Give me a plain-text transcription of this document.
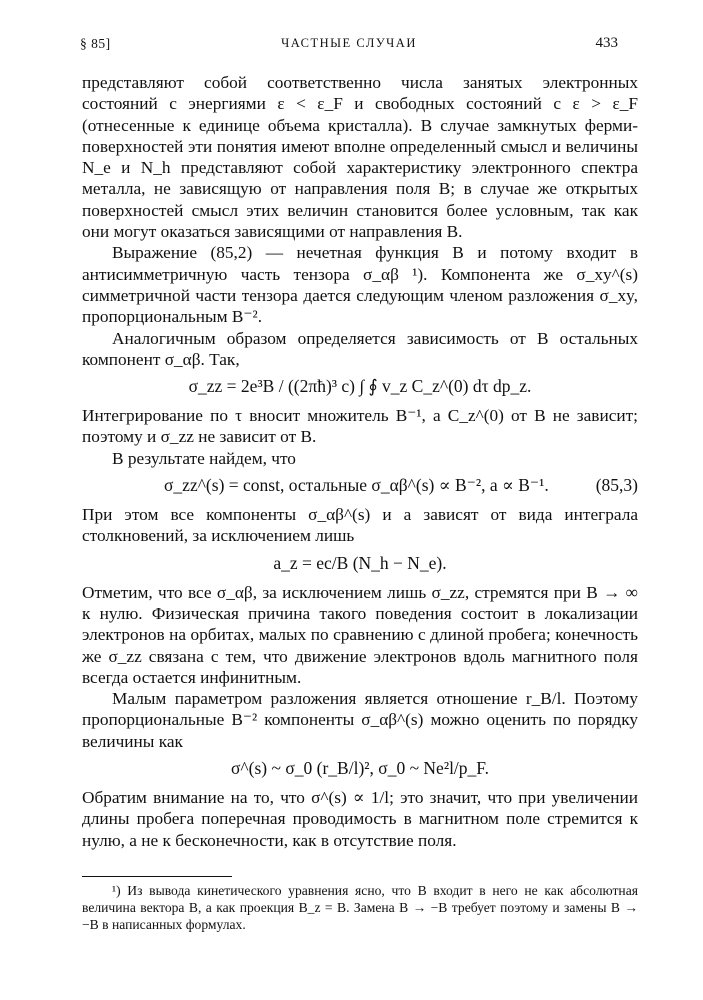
§ 85]	ЧАСТНЫЕ СЛУЧАИ	433

представляют собой соответственно числа занятых электронных состояний с энергиями ε < ε_F и свободных состояний с ε > ε_F (отнесенные к единице объема кристалла). В случае замкнутых ферми-поверхностей эти понятия имеют вполне определенный смысл и величины N_e и N_h представляют собой характеристику электронного спектра металла, не зависящую от направления поля B; в случае же открытых поверхностей смысл этих величин становится более условным, так как они могут оказаться зависящими от направления B.

Выражение (85,2) — нечетная функция B и потому входит в антисимметричную часть тензора σ_αβ ¹). Компонента же σ_xy^(s) симметричной части тензора дается следующим членом разложения σ_xy, пропорциональным B⁻².

Аналогичным образом определяется зависимость от B остальных компонент σ_αβ. Так,

σ_zz = 2e³B / ((2πħ)³ c) ∫ ∮ v_z C_z^(0) dτ dp_z.

Интегрирование по τ вносит множитель B⁻¹, а C_z^(0) от B не зависит; поэтому и σ_zz не зависит от B.

В результате найдем, что

σ_zz^(s) = const, остальные σ_αβ^(s) ∝ B⁻², a ∝ B⁻¹.	(85,3)

При этом все компоненты σ_αβ^(s) и a зависят от вида интеграла столкновений, за исключением лишь

a_z = ec/B (N_h − N_e).

Отметим, что все σ_αβ, за исключением лишь σ_zz, стремятся при B → ∞ к нулю. Физическая причина такого поведения состоит в локализации электронов на орбитах, малых по сравнению с длиной пробега; конечность же σ_zz связана с тем, что движение электронов вдоль магнитного поля всегда остается инфинитным.

Малым параметром разложения является отношение r_B/l. Поэтому пропорциональные B⁻² компоненты σ_αβ^(s) можно оценить по порядку величины как

σ^(s) ~ σ_0 (r_B/l)², σ_0 ~ Ne²l/p_F.

Обратим внимание на то, что σ^(s) ∝ 1/l; это значит, что при увеличении длины пробега поперечная проводимость в магнитном поле стремится к нулю, а не к бесконечности, как в отсутствие поля.

¹) Из вывода кинетического уравнения ясно, что B входит в него не как абсолютная величина вектора B, а как проекция B_z = B. Замена B → −B требует поэтому и замены B → −B в написанных формулах.
